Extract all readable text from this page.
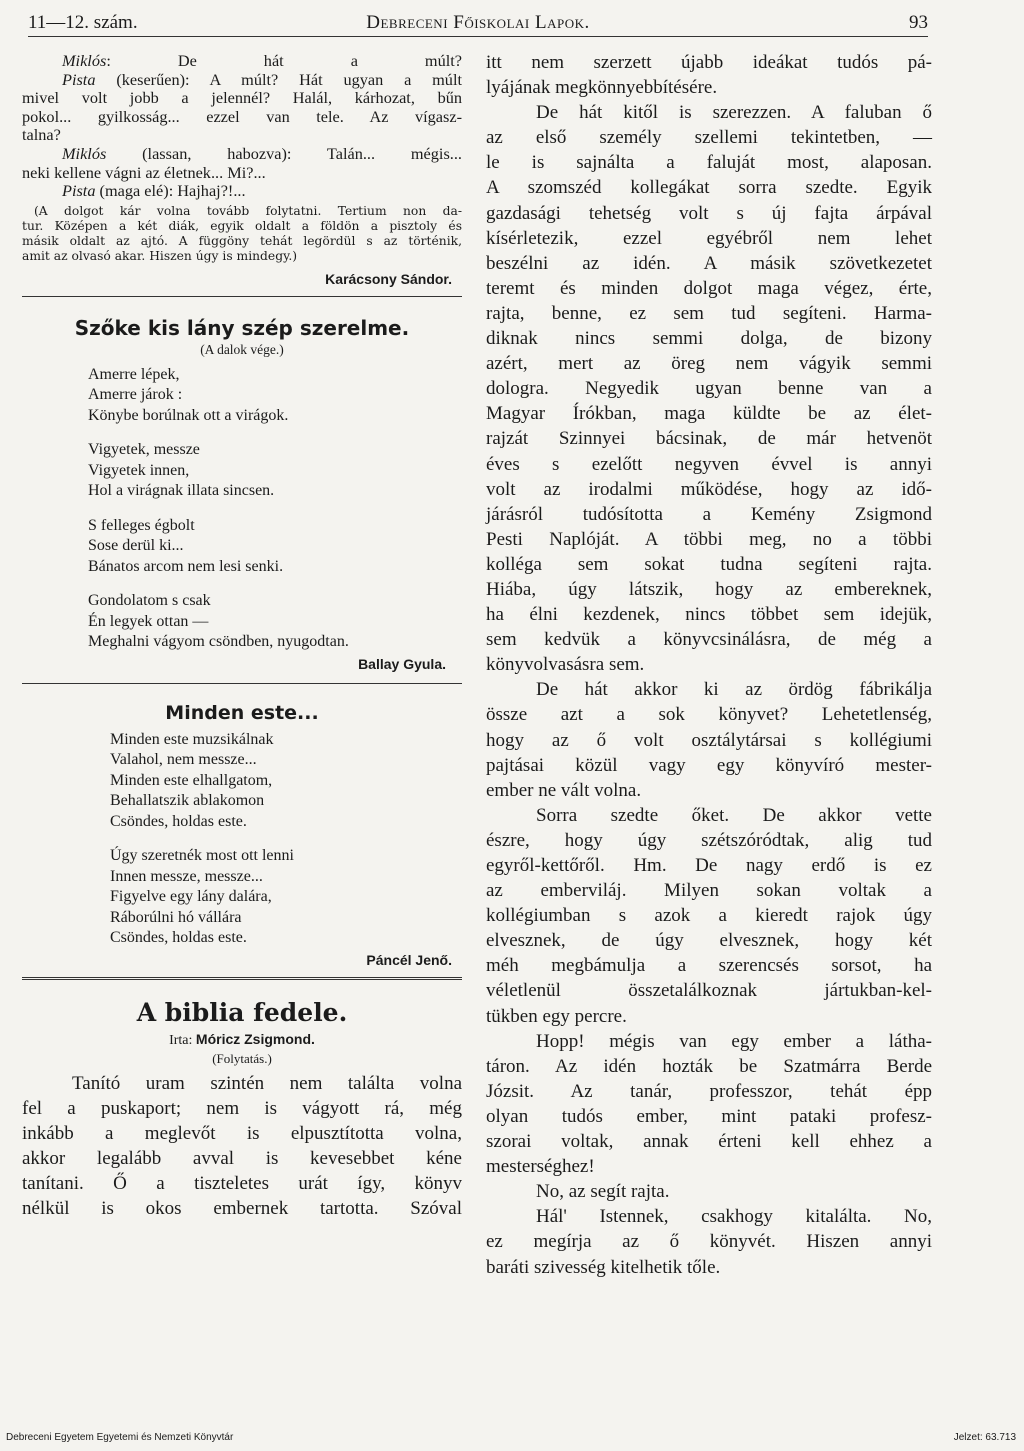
11—12. szám.	Debreceni Főiskolai Lapok.	93

Miklós: De hát a múlt?

Pista (keserűen): A múlt? Hát ugyan a múlt

mivel volt jobb a jelennél? Halál, kárhozat, bűn

pokol... gyilkosság... ezzel van tele. Az vígasz-

talna?

Miklós (lassan, habozva): Talán... mégis...

neki kellene vágni az életnek... Mi?...

Pista (maga elé): Hajhaj?!...

(A dolgot kár volna tovább folytatni. Tertium non da-

tur. Középen a két diák, egyik oldalt a földön a pisztoly és

másik oldalt az ajtó. A függöny tehát legördül s az történik,

amit az olvasó akar. Hiszen úgy is mindegy.)

Karácsony Sándor.
Szőke kis lány szép szerelme.
(A dalok vége.)

Amerre lépek,

Amerre járok :

Könybe borúlnak ott a virágok.

Vigyetek, messze

Vigyetek innen,

Hol a virágnak illata sincsen.

S felleges égbolt

Sose derül ki...

Bánatos arcom nem lesi senki.

Gondolatom s csak

Én legyek ottan —

Meghalni vágyom csöndben, nyugodtan.

Ballay Gyula.
Minden este...

Minden este muzsikálnak

Valahol, nem messze...

Minden este elhallgatom,

Behallatszik ablakomon

Csöndes, holdas este.

Úgy szeretnék most ott lenni

Innen messze, messze...

Figyelve egy lány dalára,

Ráborúlni hó vállára

Csöndes, holdas este.

Páncél Jenő.
A biblia fedele.
Irta: Móricz Zsigmond.
(Folytatás.)

Tanító uram szintén nem találta volna

fel a puskaport; nem is vágyott rá, még

inkább a meglevőt is elpusztította volna,

akkor legalább avval is kevesebbet kéne

tanítani. Ő a tiszteletes urát így, könyv

nélkül is okos embernek tartotta. Szóval

itt nem szerzett újabb ideákat tudós pá-

lyájának megkönnyebbítésére.

De hát kitől is szerezzen. A faluban ő

az első személy szellemi tekintetben, —

le is sajnálta a faluját most, alaposan.

A szomszéd kollegákat sorra szedte. Egyik

gazdasági tehetség volt s új fajta árpával

kísérletezik, ezzel egyébről nem lehet

beszélni az idén. A másik szövetkezetet

teremt és minden dolgot maga végez, érte,

rajta, benne, ez sem tud segíteni. Harma-

diknak nincs semmi dolga, de bizony

azért, mert az öreg nem vágyik semmi

dologra. Negyedik ugyan benne van a

Magyar Írókban, maga küldte be az élet-

rajzát Szinnyei bácsinak, de már hetvenöt

éves s ezelőtt negyven évvel is annyi

volt az irodalmi működése, hogy az idő-

járásról tudósította a Kemény Zsigmond

Pesti Naplóját. A többi meg, no a többi

kolléga sem sokat tudna segíteni rajta.

Hiába, úgy látszik, hogy az embereknek,

ha élni kezdenek, nincs többet sem idejük,

sem kedvük a könyvcsinálásra, de még a

könyvolvasásra sem.

De hát akkor ki az ördög fábrikálja

össze azt a sok könyvet? Lehetetlenség,

hogy az ő volt osztálytársai s kollégiumi

pajtásai közül vagy egy könyvíró mester-

ember ne vált volna.

Sorra szedte őket. De akkor vette

észre, hogy úgy szétszóródtak, alig tud

egyről-kettőről. Hm. De nagy erdő is ez

az emberviláj. Milyen sokan voltak a

kollégiumban s azok a kieredt rajok úgy

elvesznek, de úgy elvesznek, hogy két

méh megbámulja a szerencsés sorsot, ha

véletlenül összetalálkoznak jártukban-kel-

tükben egy percre.

Hopp! mégis van egy ember a látha-

táron. Az idén hozták be Szatmárra Berde

Józsit. Az tanár, professzor, tehát épp

olyan tudós ember, mint pataki profesz-

szorai voltak, annak érteni kell ehhez a

mesterséghez!

No, az segít rajta.

Hál' Istennek, csakhogy kitalálta. No,

ez megírja az ő könyvét. Hiszen annyi

baráti szivesség kitelhetik tőle.

Debreceni Egyetem Egyetemi és Nemzeti Könyvtár	Jelzet: 63.713
